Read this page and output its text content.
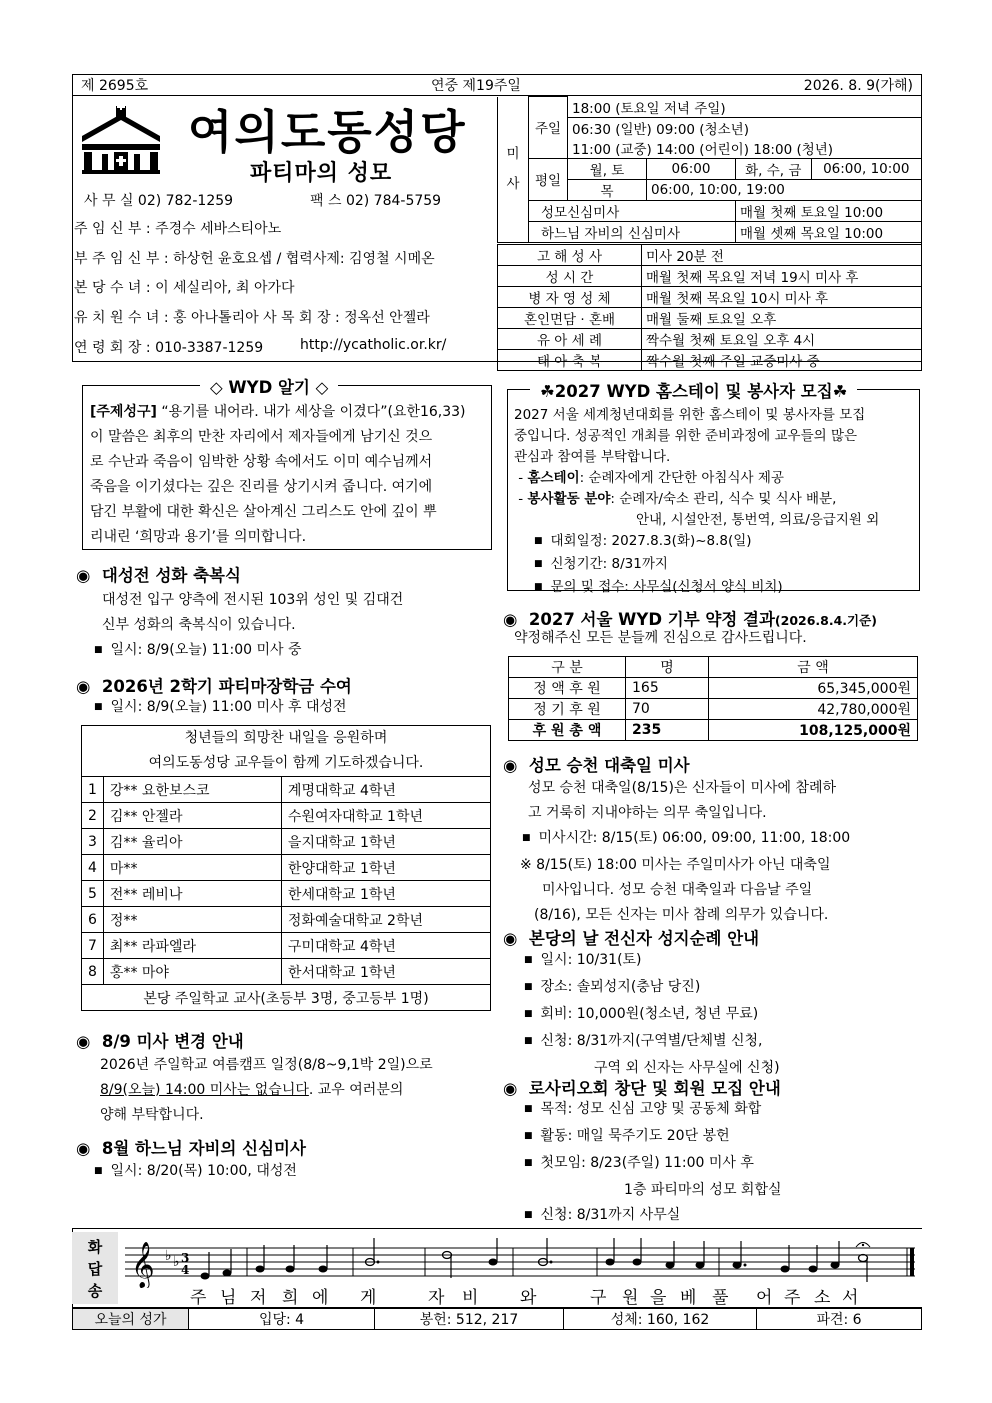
제 2695호	연중 제19주일	2026. 8. 9(가해)
여의도동성당
파티마의 성모
사 무 실 02) 782-1259	팩 스 02) 784-5759
주 임 신 부 : 주경수 세바스티아노
부 주 임 신 부 : 하상헌 윤호요셉 / 협력사제: 김영철 시메온
본 당 수 녀 : 이 세실리아, 최 아가다
유 치 원 수 녀 : 홍 아나톨리아 사 목 회 장 : 정옥선 안젤라
연 령 회 장 : 010-3387-1259	http://ycatholic.or.kr/
미 사	주일	18:00 (토요일 저녁 주일)			
		06:30 (일반) 09:00 (청소년)			
		11:00 (교중) 14:00 (어린이) 18:00 (청년)			
	평일	월, 토	06:00	화, 수, 금	06:00, 10:00
		목	06:00, 10:00, 19:00		
	성모신심미사			매월 첫째 토요일 10:00	
	하느님 자비의 신심미사			매월 셋째 목요일 10:00	
고 해 성 사	미사 20분 전
성 시 간	매월 첫째 목요일 저녁 19시 미사 후
병 자 영 성 체	매월 첫째 목요일 10시 미사 후
혼인면담 · 혼배	매월 둘째 토요일 오후
유 아 세 례	짝수월 첫째 토요일 오후 4시
태 아 축 복	짝수월 첫째 주일 교중미사 중
◇ WYD 알기 ◇
[주제성구] “용기를 내어라. 내가 세상을 이겼다”(요한16,33)
이 말씀은 최후의 만찬 자리에서 제자들에게 남기신 것으
로 수난과 죽음이 임박한 상황 속에서도 이미 예수님께서
죽음을 이기셨다는 깊은 진리를 상기시켜 줍니다. 여기에
담긴 부활에 대한 확신은 살아계신 그리스도 안에 깊이 뿌
리내린 ‘희망과 용기’를 의미합니다.
☘2027 WYD 홈스테이 및 봉사자 모집☘
2027 서울 세계청년대회를 위한 홈스테이 및 봉사자를 모집
중입니다. 성공적인 개최를 위한 준비과정에 교우들의 많은
관심과 참여를 부탁합니다.
- 홈스테이: 순례자에게 간단한 아침식사 제공
- 봉사활동 분야: 순례자/숙소 관리, 식수 및 식사 배분,
안내, 시설안전, 통번역, 의료/응급지원 외
■ 대회일정: 2027.8.3(화)~8.8(일)
■ 신청기간: 8/31까지
■ 문의 및 접수: 사무실(신청서 양식 비치)
◉  대성전 성화 축복식
대성전 입구 양측에 전시된 103위 성인 및 김대건
신부 성화의 축복식이 있습니다.
■ 일시: 8/9(오늘) 11:00 미사 중
◉  2026년 2학기 파티마장학금 수여
■ 일시: 8/9(오늘) 11:00 미사 후 대성전
청년들의 희망찬 내일을 응원하며
여의도동성당 교우들이 함께 기도하겠습니다.		

1	강** 요한보스코	계명대학교 4학년
2	김** 안젤라	수원여자대학교 1학년
3	김** 율리아	을지대학교 1학년
4	마**	한양대학교 1학년
5	전** 레비나	한세대학교 1학년
6	정**	정화예술대학교 2학년
7	최** 라파엘라	구미대학교 4학년
8	홍** 마야	한서대학교 1학년
본당 주일학교 교사(초등부 3명, 중고등부 1명)		
◉  8/9 미사 변경 안내
2026년 주일학교 여름캠프 일정(8/8~9,1박 2일)으로
8/9(오늘) 14:00 미사는 없습니다. 교우 여러분의
양해 부탁합니다.
◉  8월 하느님 자비의 신심미사
■ 일시: 8/20(목) 10:00, 대성전
◉  2027 서울 WYD 기부 약정 결과(2026.8.4.기준)
약정해주신 모든 분들께 진심으로 감사드립니다.
구 분	명	금 액
정 액 후 원	165	65,345,000원
정 기 후 원	70	42,780,000원
후 원 총 액	235	108,125,000원
◉  성모 승천 대축일 미사
성모 승천 대축일(8/15)은 신자들이 미사에 참례하
고 거룩히 지내야하는 의무 축일입니다.
■ 미사시간: 8/15(토) 06:00, 09:00, 11:00, 18:00
※ 8/15(토) 18:00 미사는 주일미사가 아닌 대축일
미사입니다. 성모 승천 대축일과 다음날 주일
(8/16), 모든 신자는 미사 참례 의무가 있습니다.
◉  본당의 날 전신자 성지순례 안내
■ 일시: 10/31(토)
■ 장소: 솔뫼성지(충남 당진)
■ 회비: 10,000원(청소년, 청년 무료)
■ 신청: 8/31까지(구역별/단체별 신청,
구역 외 신자는 사무실에 신청)
◉  로사리오회 창단 및 회원 모집 안내
■ 목적: 성모 신심 고양 및 공동체 화합
■ 활동: 매일 묵주기도 20단 봉헌
■ 첫모임: 8/23(주일) 11:00 미사 후
1층 파티마의 성모 회합실
■ 신청: 8/31까지 사무실
화
답
송
𝄞 ♭ ♭ 3
4
주 님 저 희 에 게	자 비 와	구 원 을 베 풀 어 주 소 서
오늘의 성가	입당: 4	봉헌: 512, 217	성체: 160, 162	파견: 6
